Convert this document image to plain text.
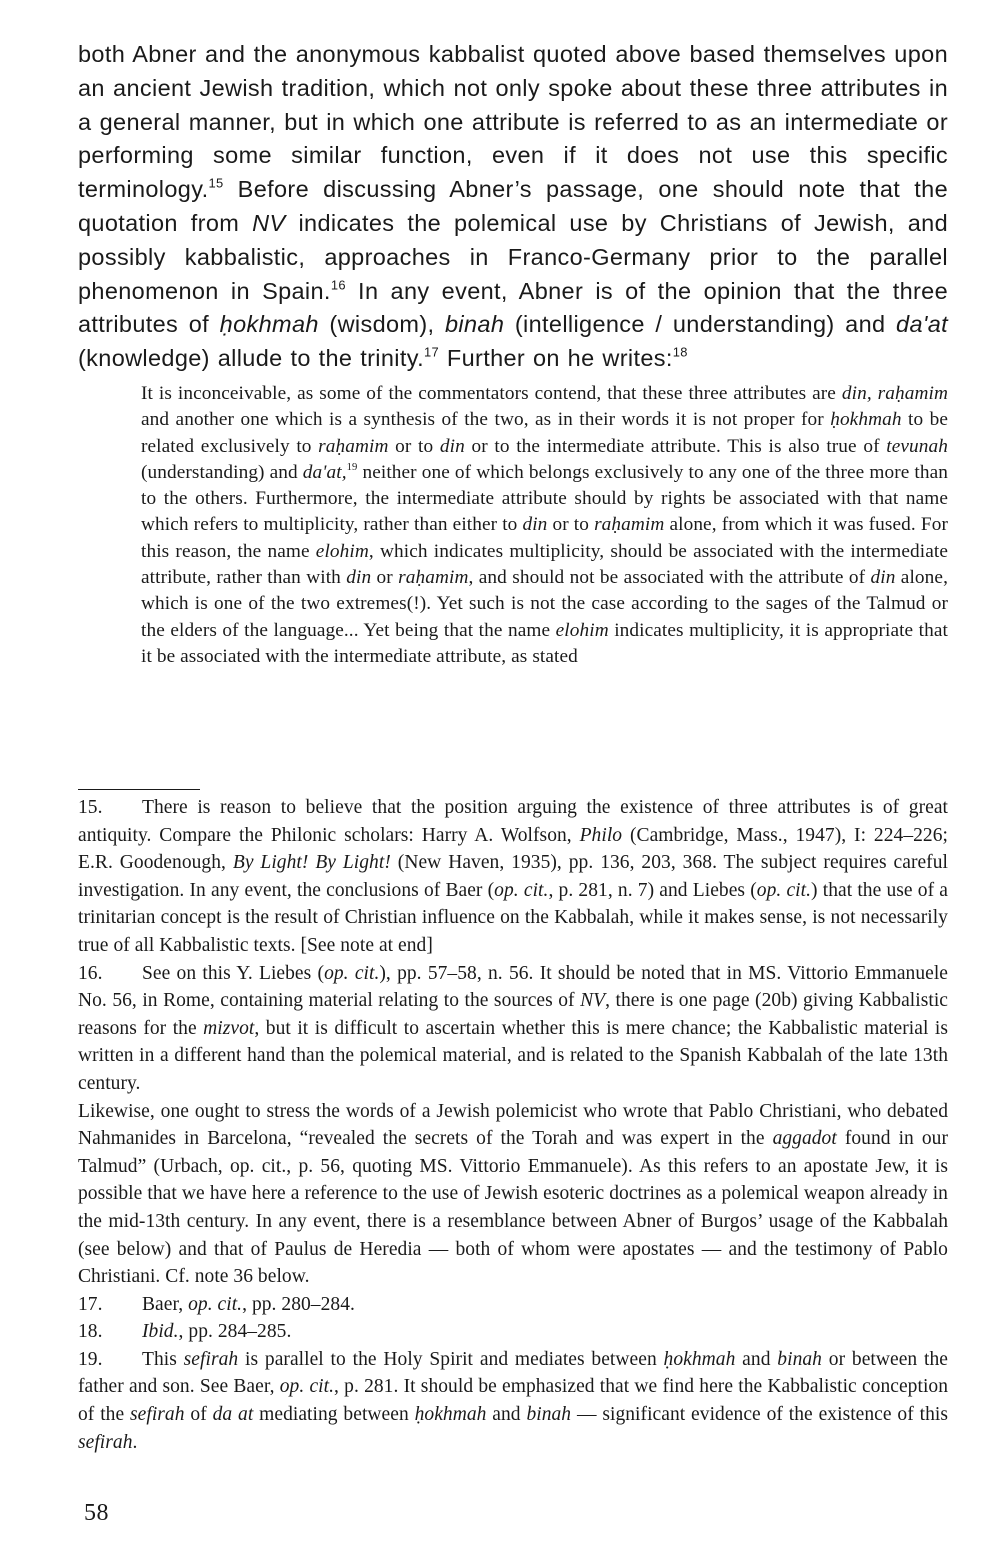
both Abner and the anonymous kabbalist quoted above based themselves upon an ancient Jewish tradition, which not only spoke about these three attributes in a general manner, but in which one attribute is referred to as an intermediate or performing some similar function, even if it does not use this specific terminology.$^{15}$ Before discussing Abner’s passage, one should note that the quotation from NV indicates the polemical use by Christians of Jewish, and possibly kabbalistic, approaches in Franco-Germany prior to the parallel phenomenon in Spain.$^{16}$ In any event, Abner is of the opinion that the three attributes of ḥokhmah (wisdom), binah (intelligence / understanding) and da'at (knowledge) allude to the trinity.$^{17}$ Further on he writes:$^{18}$

It is inconceivable, as some of the commentators contend, that these three attributes are din, raḥamim and another one which is a synthesis of the two, as in their words it is not proper for ḥokhmah to be related exclusively to raḥamim or to din or to the intermediate attribute. This is also true of tevunah (understanding) and da'at,$^{19}$ neither one of which belongs exclusively to any one of the three more than to the others. Furthermore, the intermediate attribute should by rights be associated with that name which refers to multiplicity, rather than either to din or to raḥamim alone, from which it was fused. For this reason, the name elohim, which indicates multiplicity, should be associated with the intermediate attribute, rather than with din or raḥamim, and should not be associated with the attribute of din alone, which is one of the two extremes(!). Yet such is not the case according to the sages of the Talmud or the elders of the language... Yet being that the name elohim indicates multiplicity, it is appropriate that it be associated with the intermediate attribute, as stated

15. There is reason to believe that the position arguing the existence of three attributes is of great antiquity. Compare the Philonic scholars: Harry A. Wolfson, Philo (Cambridge, Mass., 1947), I: 224–226; E.R. Goodenough, By Light! By Light! (New Haven, 1935), pp. 136, 203, 368. The subject requires careful investigation. In any event, the conclusions of Baer (op. cit., p. 281, n. 7) and Liebes (op. cit.) that the use of a trinitarian concept is the result of Christian influence on the Kabbalah, while it makes sense, is not necessarily true of all Kabbalistic texts. [See note at end]

16. See on this Y. Liebes (op. cit.), pp. 57–58, n. 56. It should be noted that in MS. Vittorio Emmanuele No. 56, in Rome, containing material relating to the sources of NV, there is one page (20b) giving Kabbalistic reasons for the mizvot, but it is difficult to ascertain whether this is mere chance; the Kabbalistic material is written in a different hand than the polemical material, and is related to the Spanish Kabbalah of the late 13th century.

Likewise, one ought to stress the words of a Jewish polemicist who wrote that Pablo Christiani, who debated Nahmanides in Barcelona, “revealed the secrets of the Torah and was expert in the aggadot found in our Talmud” (Urbach, op. cit., p. 56, quoting MS. Vittorio Emmanuele). As this refers to an apostate Jew, it is possible that we have here a reference to the use of Jewish esoteric doctrines as a polemical weapon already in the mid-13th century. In any event, there is a resemblance between Abner of Burgos’ usage of the Kabbalah (see below) and that of Paulus de Heredia — both of whom were apostates — and the testimony of Pablo Christiani. Cf. note 36 below.

17. Baer, op. cit., pp. 280–284.

18. Ibid., pp. 284–285.

19. This sefirah is parallel to the Holy Spirit and mediates between ḥokhmah and binah or between the father and son. See Baer, op. cit., p. 281. It should be emphasized that we find here the Kabbalistic conception of the sefirah of da at mediating between ḥokhmah and binah — significant evidence of the existence of this sefirah.

58
